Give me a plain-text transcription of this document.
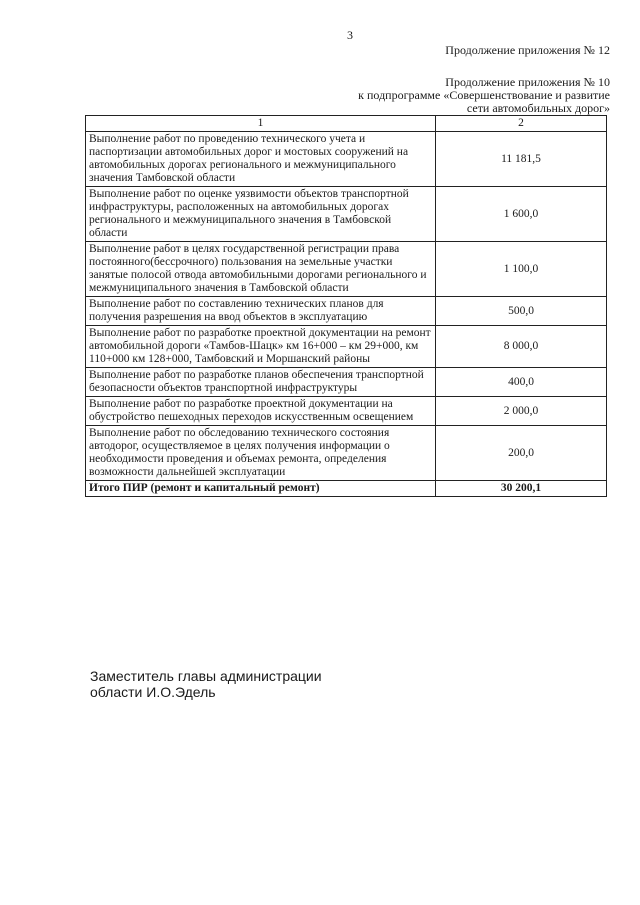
3
Продолжение приложения № 12
Продолжение приложения № 10
к подпрограмме «Совершенствование и развитие
сети автомобильных дорог»
1	2
Выполнение работ по проведению технического учета и паспортизации автомобильных дорог и мостовых сооружений на автомобильных дорогах регионального и межмуниципального значения Тамбовской области	11 181,5
Выполнение работ по оценке уязвимости объектов транспортной инфраструктуры, расположенных на автомобильных дорогах регионального и межмуниципального значения в Тамбовской области	1 600,0
Выполнение работ в целях государственной регистрации права постоянного(бессрочного) пользования на земельные участки занятые полосой отвода автомобильными дорогами регионального и межмуниципального значения в Тамбовской области	1 100,0
Выполнение работ по составлению технических планов для получения разрешения на ввод объектов в эксплуатацию	500,0
Выполнение работ по разработке проектной документации на ремонт автомобильной дороги «Тамбов-Шацк» км 16+000 – км 29+000, км 110+000 км 128+000, Тамбовский и Моршанский районы	8 000,0
Выполнение работ по разработке планов обеспечения транспортной безопасности объектов транспортной инфраструктуры	400,0
Выполнение работ по разработке проектной документации на обустройство пешеходных переходов искусственным освещением	2 000,0
Выполнение работ по обследованию технического состояния автодорог, осуществляемое в целях получения информации о необходимости проведения и объемах ремонта, определения возможности дальнейшей эксплуатации	200,0
Итого ПИР (ремонт и капитальный ремонт)	30 200,1
Заместитель главы администрации
области И.О.Эдель
